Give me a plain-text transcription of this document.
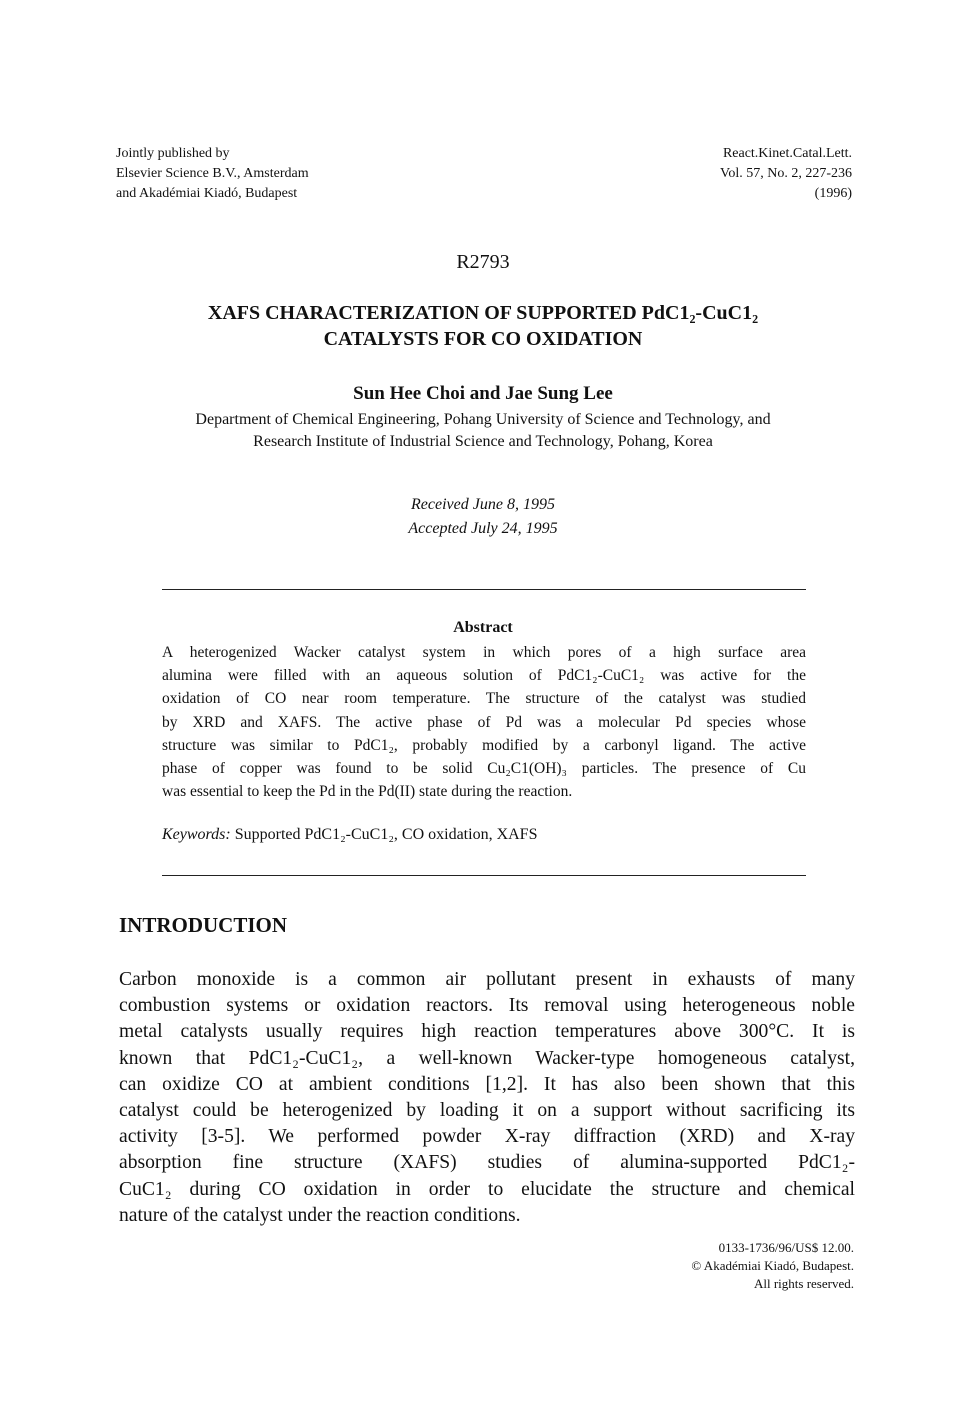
Jointly published by
Elsevier Science B.V., Amsterdam
and Akadémiai Kiadó, Budapest
React.Kinet.Catal.Lett.
Vol. 57, No. 2, 227-236
(1996)
R2793
XAFS CHARACTERIZATION OF SUPPORTED PdC1₂-CuC1₂
CATALYSTS FOR CO OXIDATION
Sun Hee Choi and Jae Sung Lee
Department of Chemical Engineering, Pohang University of Science and Technology, and
Research Institute of Industrial Science and Technology, Pohang, Korea
Received June 8, 1995
Accepted July 24, 1995
Abstract
A heterogenized Wacker catalyst system in which pores of a high surface area
alumina were filled with an aqueous solution of PdC1₂-CuC1₂ was active for the
oxidation of CO near room temperature. The structure of the catalyst was studied
by XRD and XAFS. The active phase of Pd was a molecular Pd species whose
structure was similar to PdC1₂, probably modified by a carbonyl ligand. The active
phase of copper was found to be solid Cu₂C1(OH)₃ particles. The presence of Cu
was essential to keep the Pd in the Pd(II) state during the reaction.
Keywords: Supported PdC1₂-CuC1₂, CO oxidation, XAFS
INTRODUCTION
Carbon monoxide is a common air pollutant present in exhausts of many
combustion systems or oxidation reactors. Its removal using heterogeneous noble
metal catalysts usually requires high reaction temperatures above 300°C. It is
known that PdC1₂-CuC1₂, a well-known Wacker-type homogeneous catalyst,
can oxidize CO at ambient conditions [1,2]. It has also been shown that this
catalyst could be heterogenized by loading it on a support without sacrificing its
activity [3-5]. We performed powder X-ray diffraction (XRD) and X-ray
absorption fine structure (XAFS) studies of alumina-supported PdC1₂-
CuC1₂ during CO oxidation in order to elucidate the structure and chemical
nature of the catalyst under the reaction conditions.
0133-1736/96/US$ 12.00.
© Akadémiai Kiadó, Budapest.
All rights reserved.
